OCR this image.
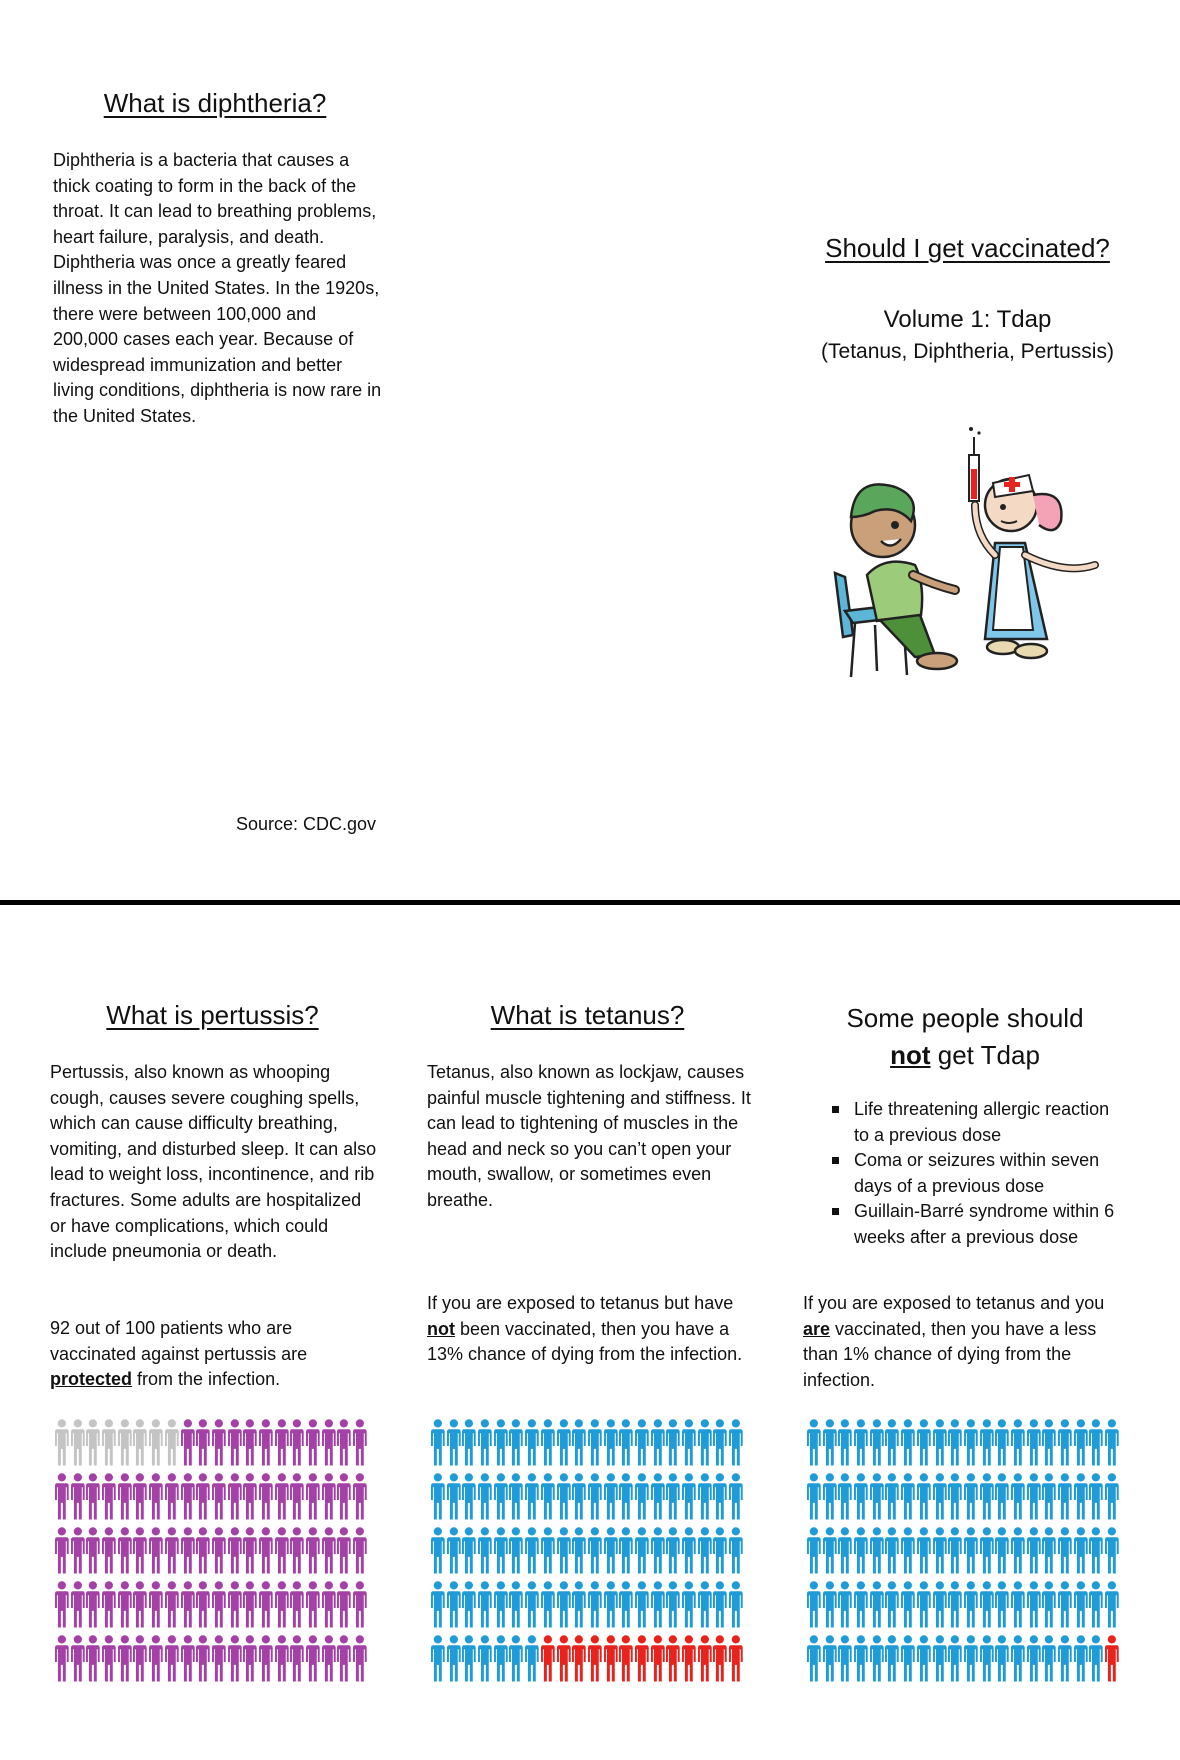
What is diphtheria?
Diphtheria is a bacteria that causes a thick coating to form in the back of the throat. It can lead to breathing problems, heart failure, paralysis, and death. Diphtheria was once a greatly feared illness in the United States. In the 1920s, there were between 100,000 and 200,000 cases each year. Because of widespread immunization and better living conditions, diphtheria is now rare in the United States.
Source: CDC.gov
Should I get vaccinated?
Volume 1: Tdap
(Tetanus, Diphtheria, Pertussis)
What is pertussis?
Pertussis, also known as whooping cough, causes severe coughing spells, which can cause difficulty breathing, vomiting, and disturbed sleep. It can also lead to weight loss, incontinence, and rib fractures. Some adults are hospitalized or have complications, which could include pneumonia or death.
92 out of 100 patients who are vaccinated against pertussis are protected from the infection.
What is tetanus?
Tetanus, also known as lockjaw, causes painful muscle tightening and stiffness. It can lead to tightening of muscles in the head and neck so you can’t open your mouth, swallow, or sometimes even breathe.
If you are exposed to tetanus but have not been vaccinated, then you have a 13% chance of dying from the infection.
Some people should
not get Tdap
Life threatening allergic reaction to a previous dose
Coma or seizures within seven days of a previous dose
Guillain-Barré syndrome within 6 weeks after a previous dose
If you are exposed to tetanus and you are vaccinated, then you have a less than 1% chance of dying from the infection.
